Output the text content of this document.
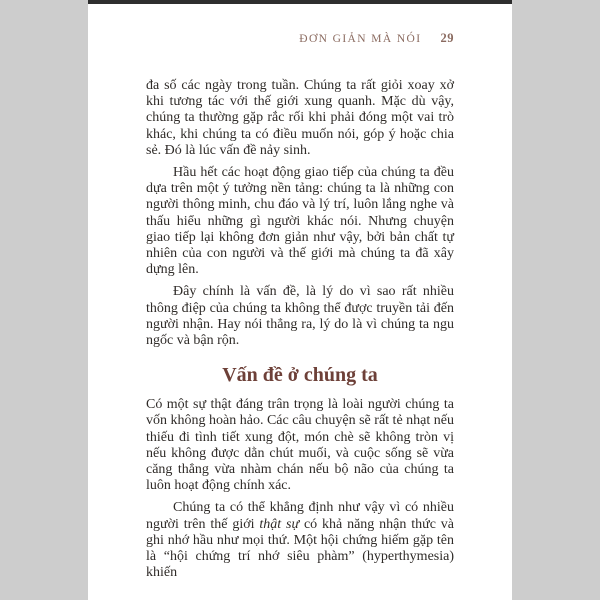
ĐƠN GIẢN MÀ NÓI 29

đa số các ngày trong tuần. Chúng ta rất giỏi xoay xở khi tương tác với thế giới xung quanh. Mặc dù vậy, chúng ta thường gặp rắc rối khi phải đóng một vai trò khác, khi chúng ta có điều muốn nói, góp ý hoặc chia sẻ. Đó là lúc vấn đề nảy sinh.

Hầu hết các hoạt động giao tiếp của chúng ta đều dựa trên một ý tưởng nền tảng: chúng ta là những con người thông minh, chu đáo và lý trí, luôn lắng nghe và thấu hiểu những gì người khác nói. Nhưng chuyện giao tiếp lại không đơn giản như vậy, bởi bản chất tự nhiên của con người và thế giới mà chúng ta đã xây dựng lên.

Đây chính là vấn đề, là lý do vì sao rất nhiều thông điệp của chúng ta không thể được truyền tải đến người nhận. Hay nói thẳng ra, lý do là vì chúng ta ngu ngốc và bận rộn.

Vấn đề ở chúng ta

Có một sự thật đáng trân trọng là loài người chúng ta vốn không hoàn hảo. Các câu chuyện sẽ rất tẻ nhạt nếu thiếu đi tình tiết xung đột, món chè sẽ không tròn vị nếu không được dằn chút muối, và cuộc sống sẽ vừa căng thẳng vừa nhàm chán nếu bộ não của chúng ta luôn hoạt động chính xác.

Chúng ta có thể khẳng định như vậy vì có nhiều người trên thế giới thật sự có khả năng nhận thức và ghi nhớ hầu như mọi thứ. Một hội chứng hiếm gặp tên là “hội chứng trí nhớ siêu phàm” (hyperthymesia) khiến
